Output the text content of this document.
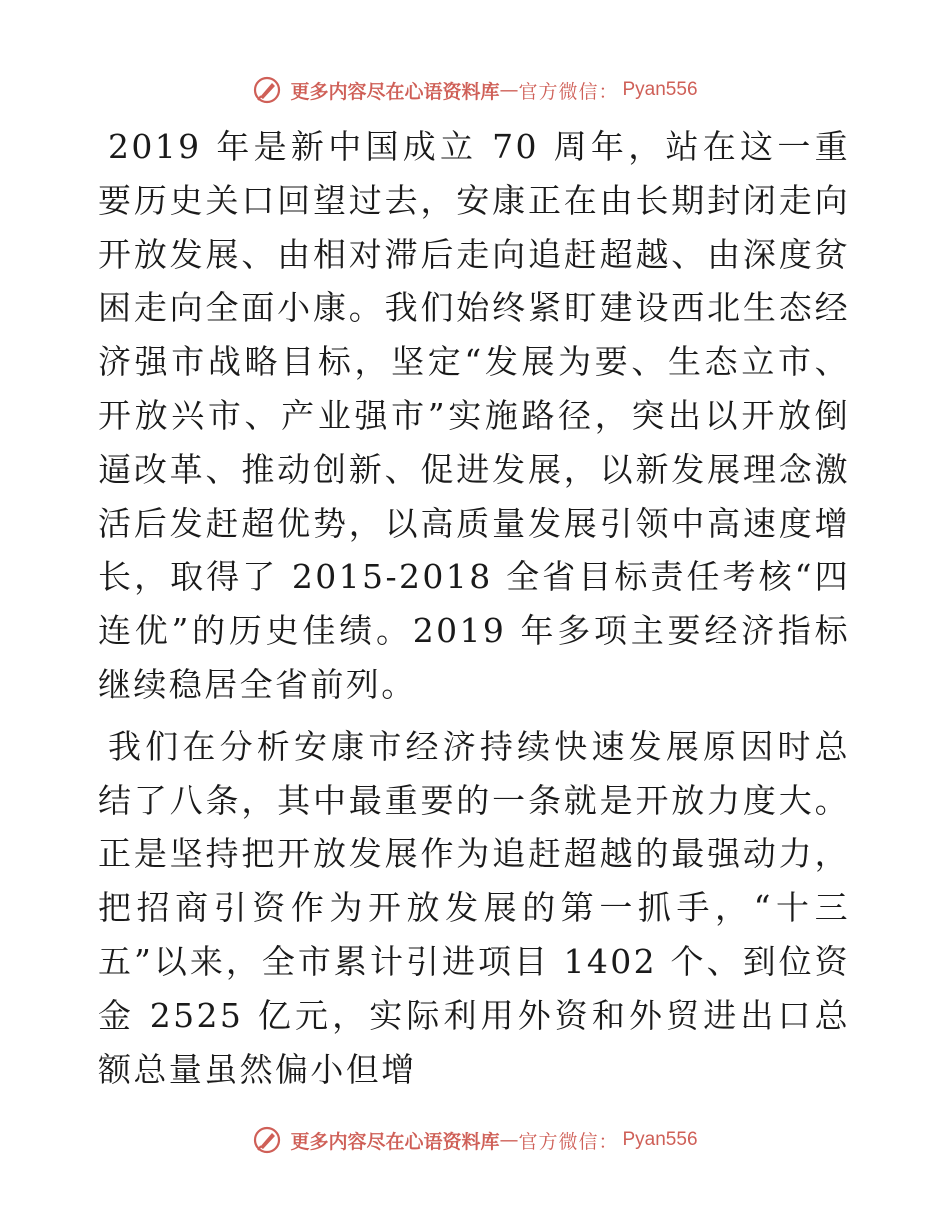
更多内容尽在心语资料库 — 官方微信： Pyan556

2019 年是新中国成立 70 周年，站在这一重要历史关口回望过去，安康正在由长期封闭走向开放发展、由相对滞后走向追赶超越、由深度贫困走向全面小康。我们始终紧盯建设西北生态经济强市战略目标，坚定“发展为要、生态立市、开放兴市、产业强市”实施路径，突出以开放倒逼改革、推动创新、促进发展，以新发展理念激活后发赶超优势，以高质量发展引领中高速度增长，取得了 2015-2018 全省目标责任考核“四连优”的历史佳绩。2019 年多项主要经济指标继续稳居全省前列。

我们在分析安康市经济持续快速发展原因时总结了八条，其中最重要的一条就是开放力度大。正是坚持把开放发展作为追赶超越的最强动力，把招商引资作为开放发展的第一抓手，“十三五”以来，全市累计引进项目 1402 个、到位资金 2525 亿元，实际利用外资和外贸进出口总额总量虽然偏小但增

更多内容尽在心语资料库 — 官方微信： Pyan556
